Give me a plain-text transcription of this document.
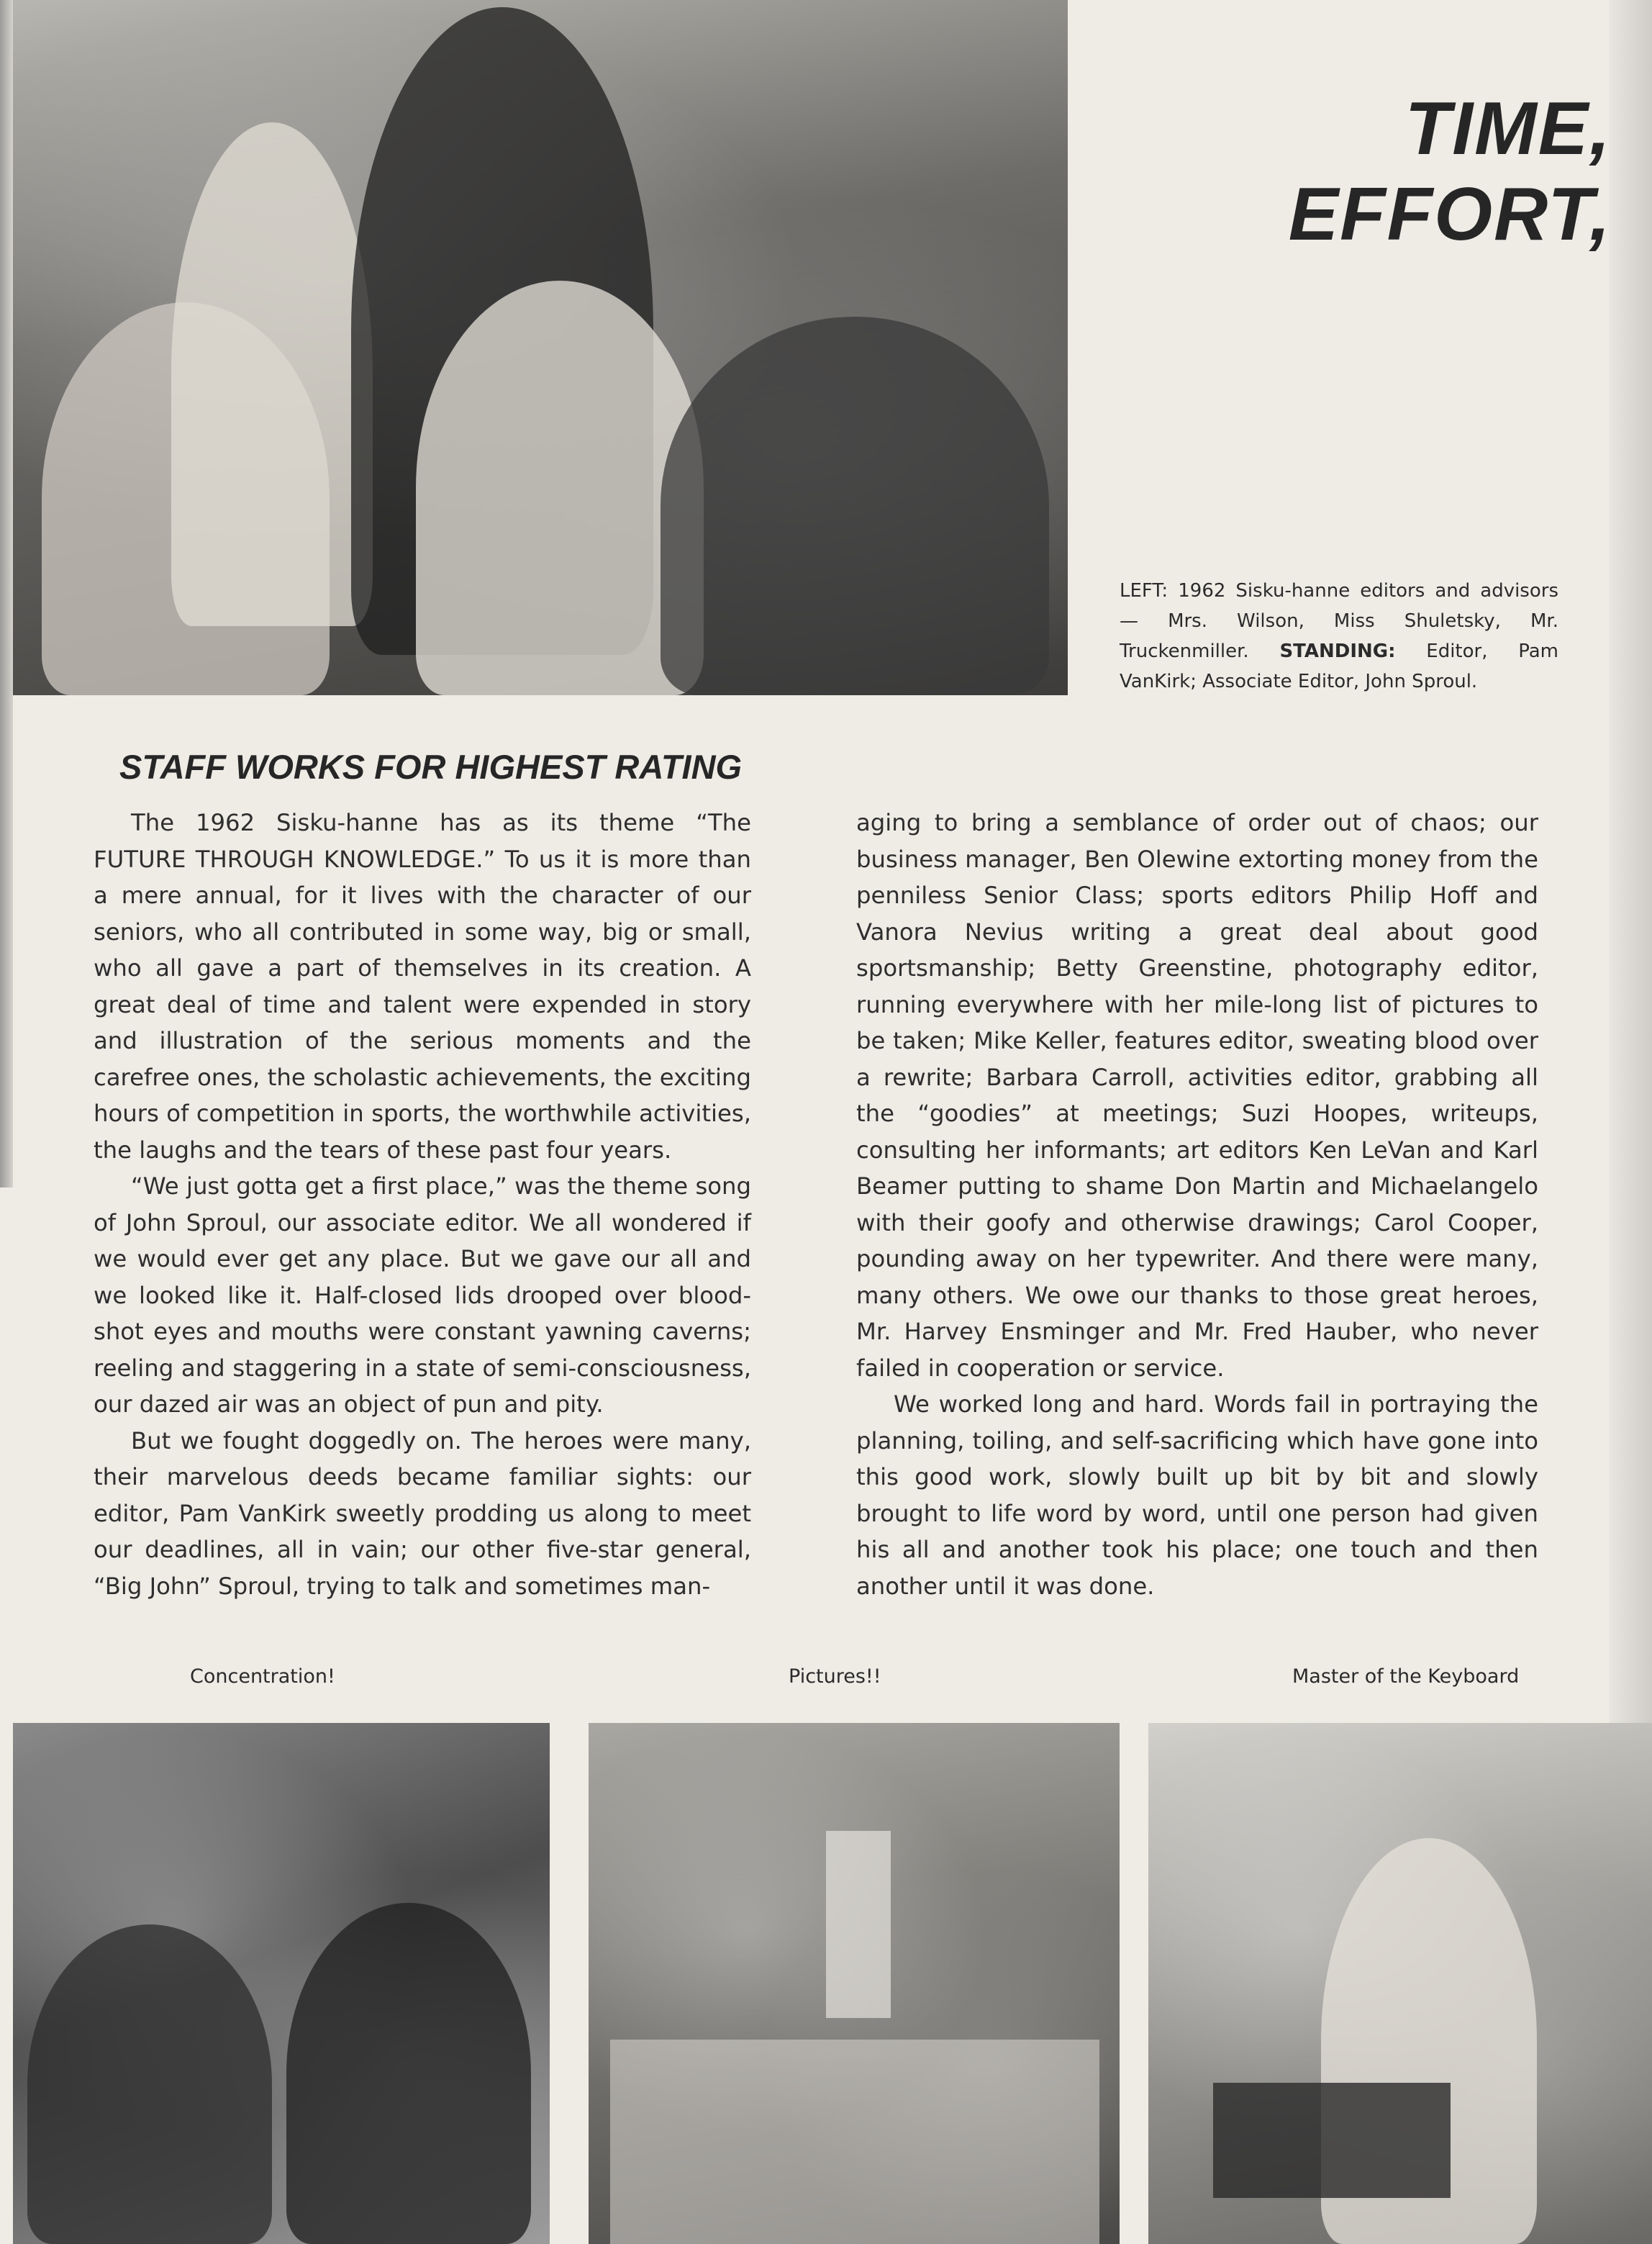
TIME, EFFORT,
LEFT: 1962 Sisku-hanne editors and advisors — Mrs. Wilson, Miss Shuletsky, Mr. Truckenmiller. STANDING: Editor, Pam VanKirk; Associate Editor, John Sproul.
STAFF WORKS FOR HIGHEST RATING

The 1962 Sisku-hanne has as its theme “The FUTURE THROUGH KNOWLEDGE.” To us it is more than a mere annual, for it lives with the character of our seniors, who all contributed in some way, big or small, who all gave a part of themselves in its creation. A great deal of time and talent were expended in story and illustration of the serious moments and the carefree ones, the scholastic achievements, the exciting hours of competition in sports, the worthwhile activities, the laughs and the tears of these past four years.

“We just gotta get a first place,” was the theme song of John Sproul, our associate editor. We all wondered if we would ever get any place. But we gave our all and we looked like it. Half-closed lids drooped over blood-shot eyes and mouths were constant yawning caverns; reeling and staggering in a state of semi-consciousness, our dazed air was an object of pun and pity.

But we fought doggedly on. The heroes were many, their marvelous deeds became familiar sights: our editor, Pam VanKirk sweetly prodding us along to meet our deadlines, all in vain; our other five-star general, “Big John” Sproul, trying to talk and sometimes man-

aging to bring a semblance of order out of chaos; our business manager, Ben Olewine extorting money from the penniless Senior Class; sports editors Philip Hoff and Vanora Nevius writing a great deal about good sportsmanship; Betty Greenstine, photography editor, running everywhere with her mile-long list of pictures to be taken; Mike Keller, features editor, sweating blood over a rewrite; Barbara Carroll, activities editor, grabbing all the “goodies” at meetings; Suzi Hoopes, writeups, consulting her informants; art editors Ken LeVan and Karl Beamer putting to shame Don Martin and Michaelangelo with their goofy and otherwise drawings; Carol Cooper, pounding away on her typewriter. And there were many, many others. We owe our thanks to those great heroes, Mr. Harvey Ensminger and Mr. Fred Hauber, who never failed in cooperation or service.

We worked long and hard. Words fail in portraying the planning, toiling, and self-sacrificing which have gone into this good work, slowly built up bit by bit and slowly brought to life word by word, until one person had given his all and another took his place; one touch and then another until it was done.

Concentration!	Pictures!!	Master of the Keyboard
